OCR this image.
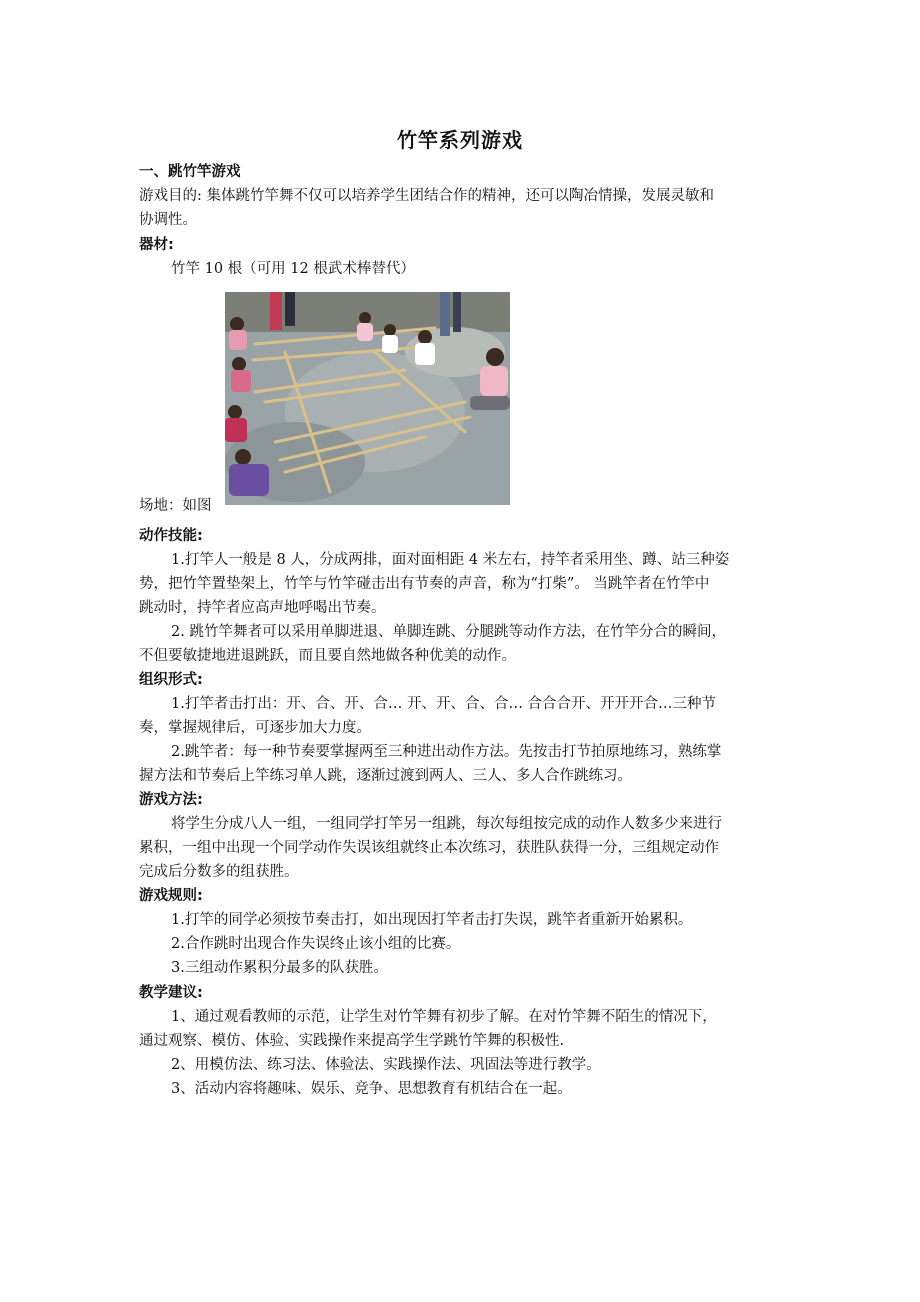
竹竿系列游戏
一、跳竹竿游戏
游戏目的: 集体跳竹竿舞不仅可以培养学生团结合作的精神，还可以陶冶情操，发展灵敏和
协调性。
器材:
竹竿 10 根（可用 12 根武术棒替代）
场地：如图
动作技能:
1.打竿人一般是 8 人，分成两排，面对面相距 4 米左右，持竿者采用坐、蹲、站三种姿
势，把竹竿置垫架上，竹竿与竹竿碰击出有节奏的声音，称为“打柴”。 当跳竿者在竹竿中
跳动时，持竿者应高声地呼喝出节奏。
2. 跳竹竿舞者可以采用单脚进退、单脚连跳、分腿跳等动作方法，在竹竿分合的瞬间，
不但要敏捷地进退跳跃，而且要自然地做各种优美的动作。
组织形式:
1.打竿者击打出：开、合、开、合… 开、开、合、合… 合合合开、开开开合…三种节
奏，掌握规律后，可逐步加大力度。
2.跳竿者：每一种节奏要掌握两至三种进出动作方法。先按击打节拍原地练习，熟练掌
握方法和节奏后上竿练习单人跳，逐渐过渡到两人、三人、多人合作跳练习。
游戏方法:
将学生分成八人一组，一组同学打竿另一组跳，每次每组按完成的动作人数多少来进行
累积，一组中出现一个同学动作失误该组就终止本次练习，获胜队获得一分，三组规定动作
完成后分数多的组获胜。
游戏规则:
1.打竿的同学必须按节奏击打，如出现因打竿者击打失误，跳竿者重新开始累积。
2.合作跳时出现合作失误终止该小组的比赛。
3.三组动作累积分最多的队获胜。
教学建议:
1、通过观看教师的示范，让学生对竹竿舞有初步了解。在对竹竿舞不陌生的情况下，
通过观察、模仿、体验、实践操作来提高学生学跳竹竿舞的积极性.
2、用模仿法、练习法、体验法、实践操作法、巩固法等进行教学。
3、活动内容将趣味、娱乐、竞争、思想教育有机结合在一起。
